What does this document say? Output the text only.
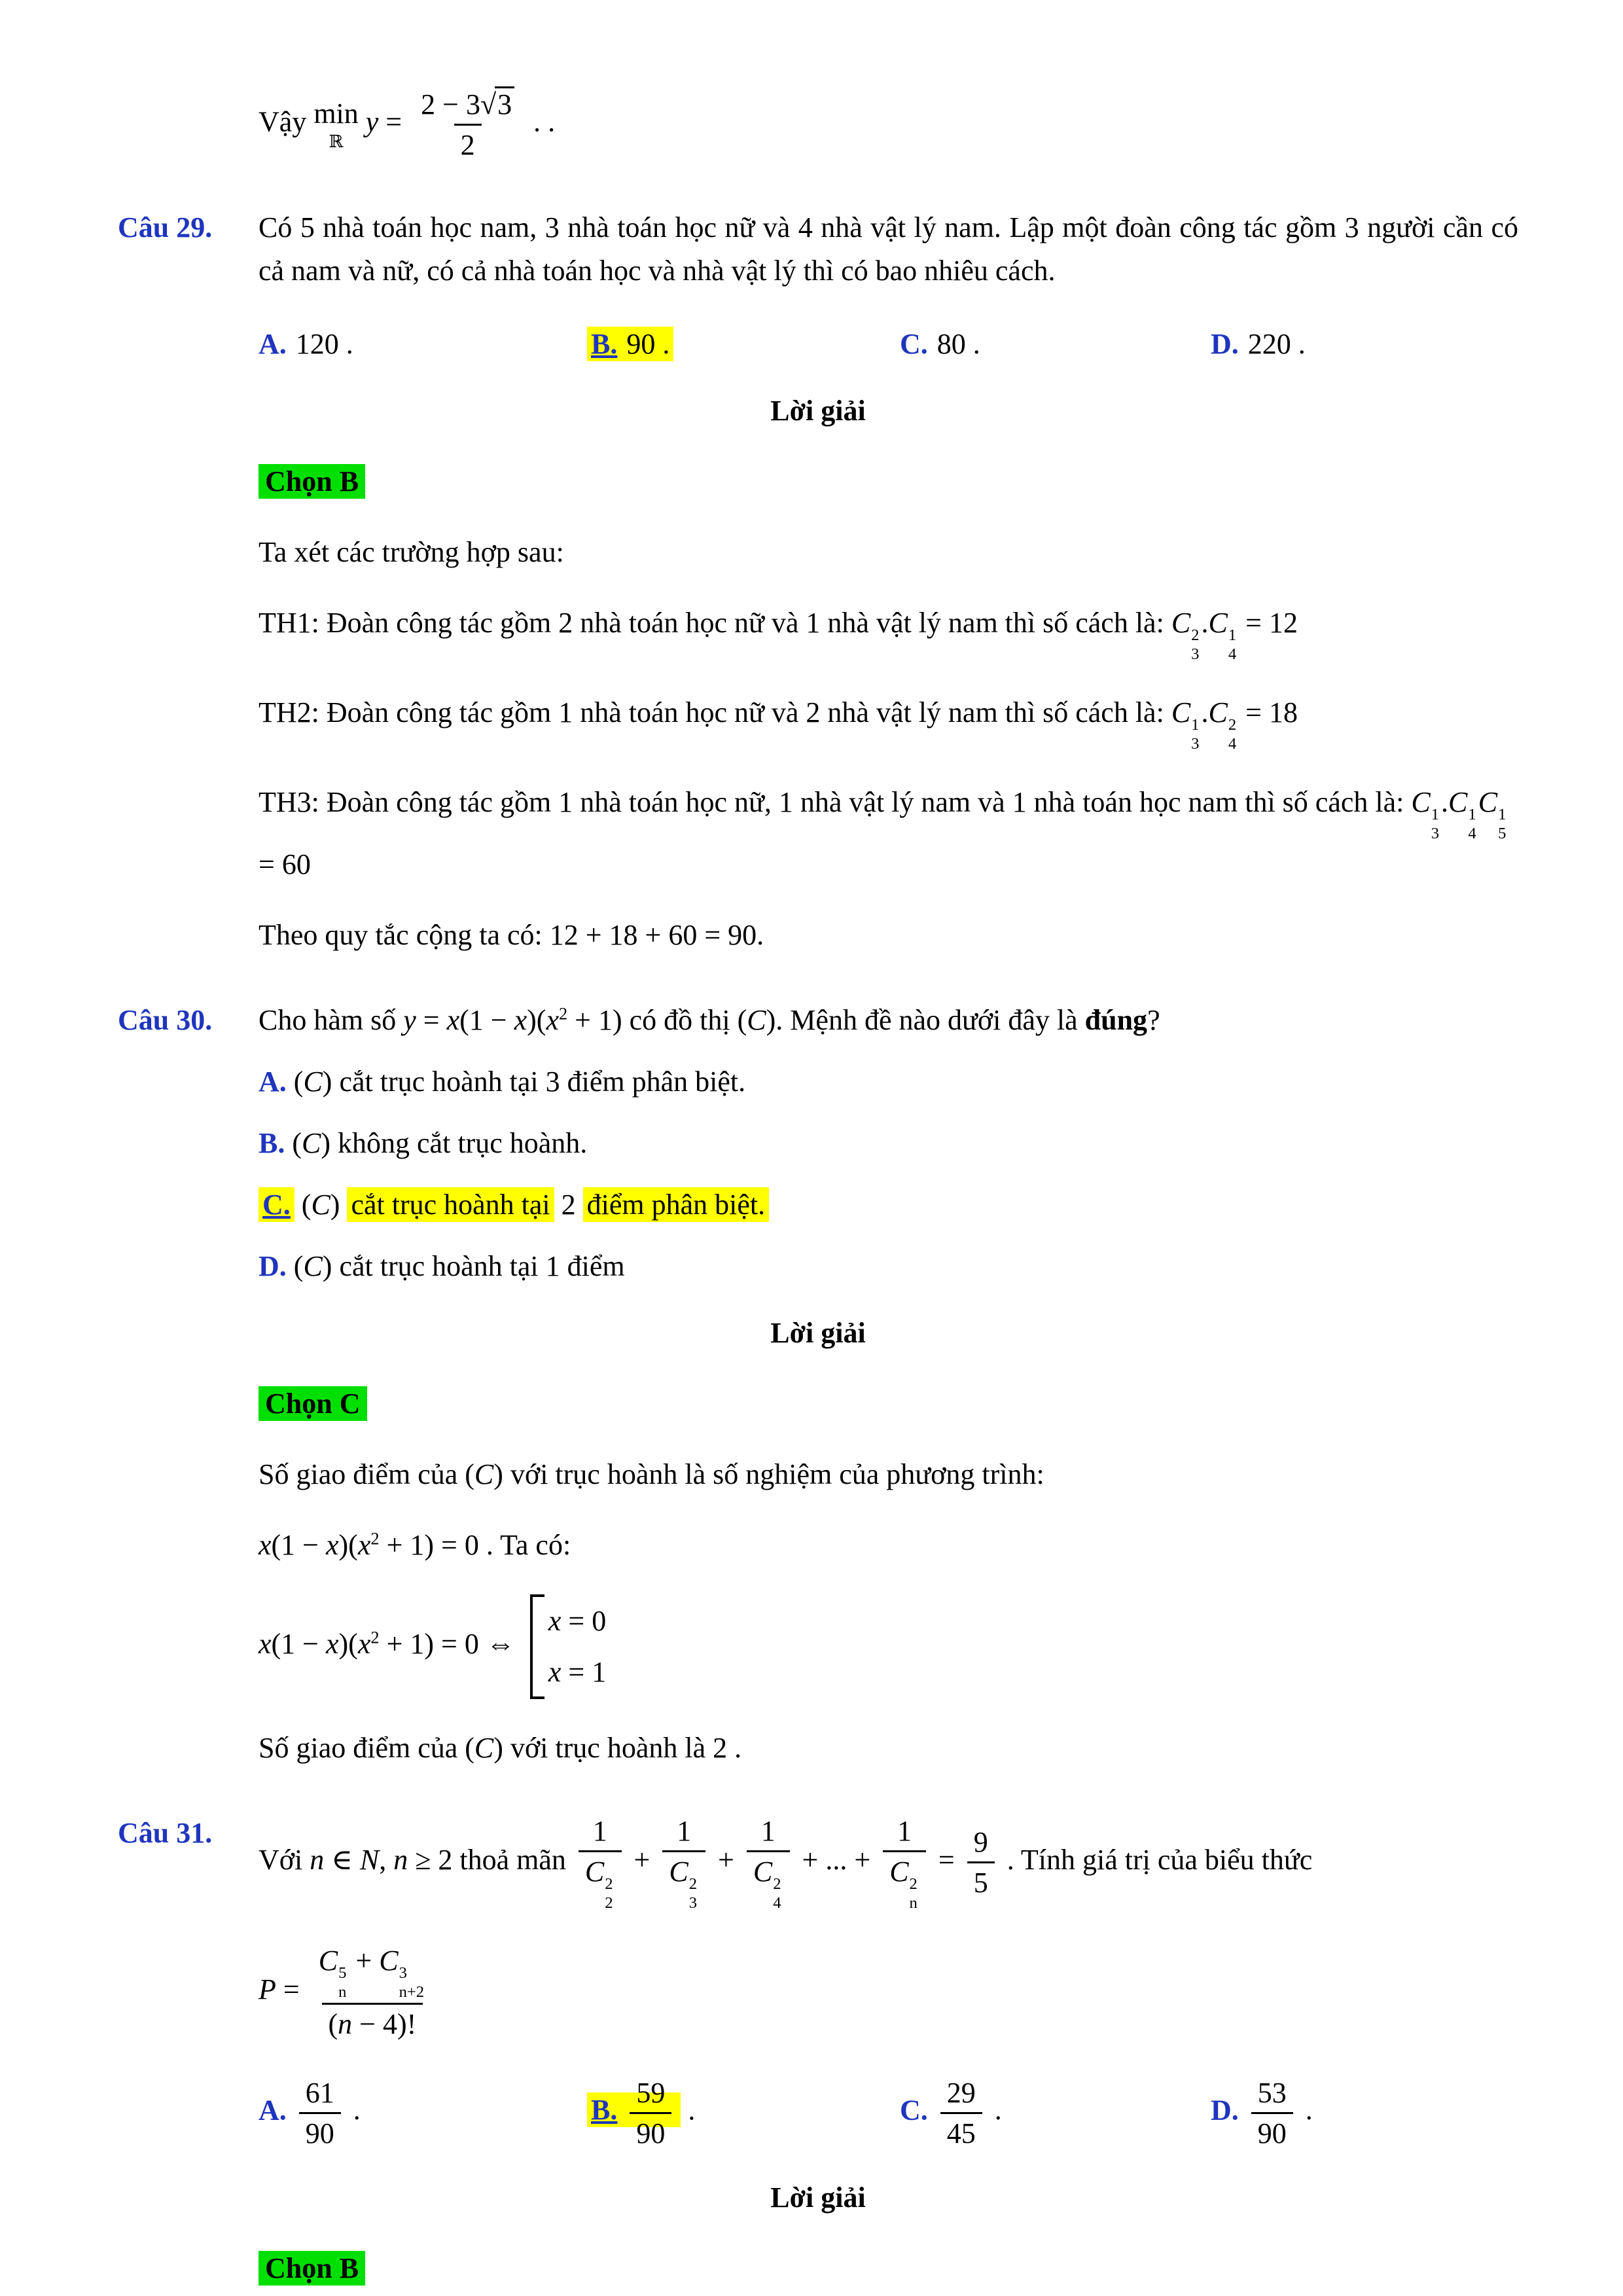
Vậy min
ℝ
$y = \frac{2 - 3√3}{2}$ . .
Câu 29.	Có 5 nhà toán học nam, 3 nhà toán học nữ và 4 nhà vật lý nam. Lập một đoàn công tác gồm 3 người cần có cả nam và nữ, có cả nhà toán học và nhà vật lý thì có bao nhiêu cách.

A. 120 .	B. 90 .	C. 80 .	D. 220 .
Lời giải
Chọn B

Ta xét các trường hợp sau:

TH1: Đoàn công tác gồm 2 nhà toán học nữ và 1 nhà vật lý nam thì số cách là: C 2
3
.C 1
4
= 12

TH2: Đoàn công tác gồm 1 nhà toán học nữ và 2 nhà vật lý nam thì số cách là: C 1
3
.C 2
4
= 18

TH3: Đoàn công tác gồm 1 nhà toán học nữ, 1 nhà vật lý nam và 1 nhà toán học nam thì số cách là: C 1
3
.C 1
4
C 1
5
= 60

Theo quy tắc cộng ta có: 12 + 18 + 60 = 90.

Câu 30.	Cho hàm số $y = x(1 - x)(x^2 + 1)$ có đồ thị (C). Mệnh đề nào dưới đây là đúng?

A. (C) cắt trục hoành tại 3 điểm phân biệt.
B. (C) không cắt trục hoành.
C. (C) cắt trục hoành tại 2 điểm phân biệt.
D. (C) cắt trục hoành tại 1 điểm
Lời giải
Chọn C

Số giao điểm của (C) với trục hoành là số nghiệm của phương trình:

$x(1 - x)(x^2 + 1) = 0$ . Ta có:

$x(1 - x)(x^2 + 1) = 0$ ⇔
x = 0
x = 1

Số giao điểm của (C) với trục hoành là 2 .

Câu 31.

Với n ∈ N, n ≥ 2 thoả mãn 1
C 2
2 + 1
C 2
3 + 1
C 2
4 + ... + 1
C 2
$n = \frac{9}{5}$ . Tính giá trị của biểu thức

P = C 5
n
+ C 3
n+2
(n − 4)!

A. $\frac{61}{90}$ .	B. $\frac{59}{90}$ .	C. $\frac{29}{45}$ .	D. $\frac{53}{90}$ .
Lời giải
Chọn B
